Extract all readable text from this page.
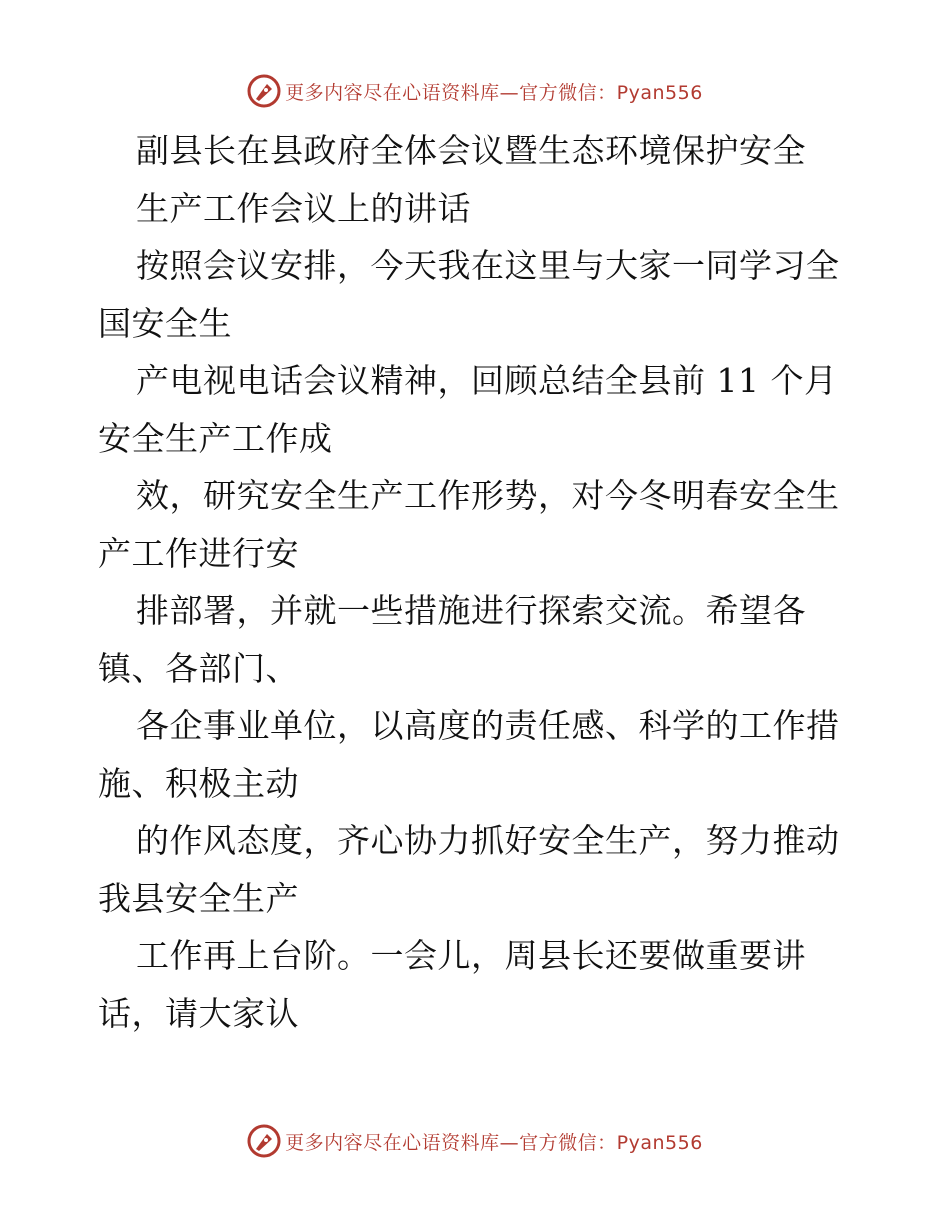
更多内容尽在心语资料库—官方微信：Pyan556
副县长在县政府全体会议暨生态环境保护安全
生产工作会议上的讲话
按照会议安排，今天我在这里与大家一同学习全
国安全生
产电视电话会议精神，回顾总结全县前 11 个月
安全生产工作成
效，研究安全生产工作形势，对今冬明春安全生
产工作进行安
排部署，并就一些措施进行探索交流。希望各
镇、各部门、
各企事业单位，以高度的责任感、科学的工作措
施、积极主动
的作风态度，齐心协力抓好安全生产，努力推动
我县安全生产
工作再上台阶。一会儿，周县长还要做重要讲
话，请大家认
更多内容尽在心语资料库—官方微信：Pyan556
